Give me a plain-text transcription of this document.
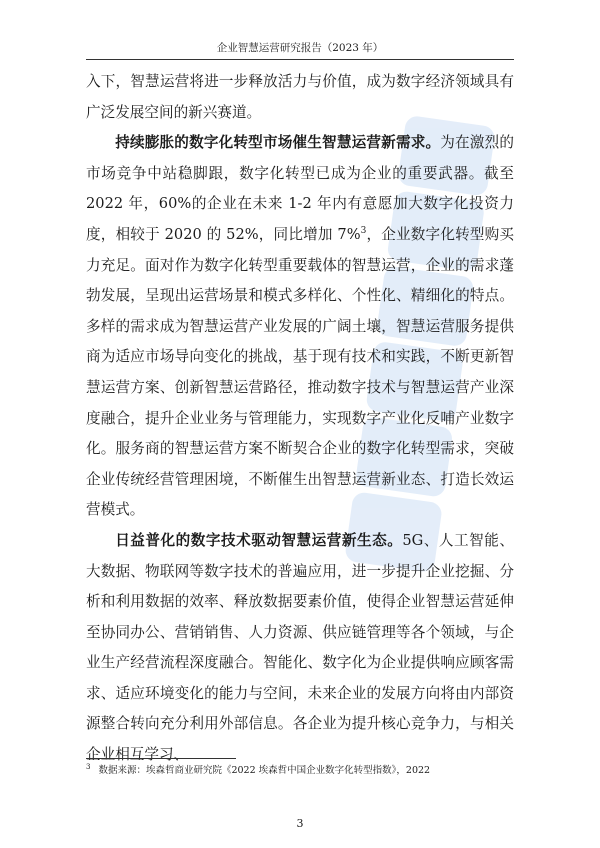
企业智慧运营研究报告（2023 年）

入下，智慧运营将进一步释放活力与价值，成为数字经济领域具有广泛发展空间的新兴赛道。

持续膨胀的数字化转型市场催生智慧运营新需求。为在激烈的市场竞争中站稳脚跟，数字化转型已成为企业的重要武器。截至 2022 年，60%的企业在未来 1-2 年内有意愿加大数字化投资力度，相较于 2020 的 52%，同比增加 7%$^3$，企业数字化转型购买力充足。面对作为数字化转型重要载体的智慧运营，企业的需求蓬勃发展，呈现出运营场景和模式多样化、个性化、精细化的特点。多样的需求成为智慧运营产业发展的广阔土壤，智慧运营服务提供商为适应市场导向变化的挑战，基于现有技术和实践，不断更新智慧运营方案、创新智慧运营路径，推动数字技术与智慧运营产业深度融合，提升企业业务与管理能力，实现数字产业化反哺产业数字化。服务商的智慧运营方案不断契合企业的数字化转型需求，突破企业传统经营管理困境，不断催生出智慧运营新业态、打造长效运营模式。

日益普化的数字技术驱动智慧运营新生态。5G、人工智能、大数据、物联网等数字技术的普遍应用，进一步提升企业挖掘、分析和利用数据的效率、释放数据要素价值，使得企业智慧运营延伸至协同办公、营销销售、人力资源、供应链管理等各个领域，与企业生产经营流程深度融合。智能化、数字化为企业提供响应顾客需求、适应环境变化的能力与空间，未来企业的发展方向将由内部资源整合转向充分利用外部信息。各企业为提升核心竞争力，与相关企业相互学习、

$^3$ 数据来源：埃森哲商业研究院《2022 埃森哲中国企业数字化转型指数》，2022
3
